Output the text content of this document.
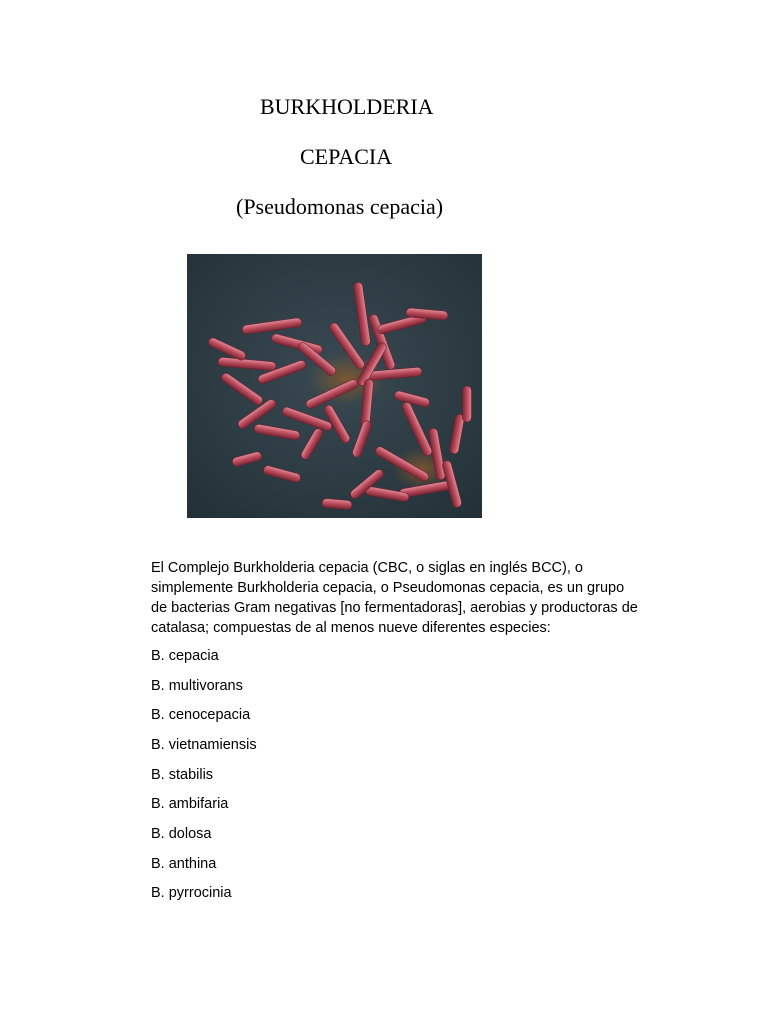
BURKHOLDERIA
CEPACIA
(Pseudomonas cepacia)
El Complejo Burkholderia cepacia (CBC, o siglas en inglés BCC), o
simplemente Burkholderia cepacia, o Pseudomonas cepacia, es un grupo
de bacterias Gram negativas [no fermentadoras], aerobias y productoras de
catalasa; compuestas de al menos nueve diferentes especies:
B. cepacia
B. multivorans
B. cenocepacia
B. vietnamiensis
B. stabilis
B. ambifaria
B. dolosa
B. anthina
B. pyrrocinia
